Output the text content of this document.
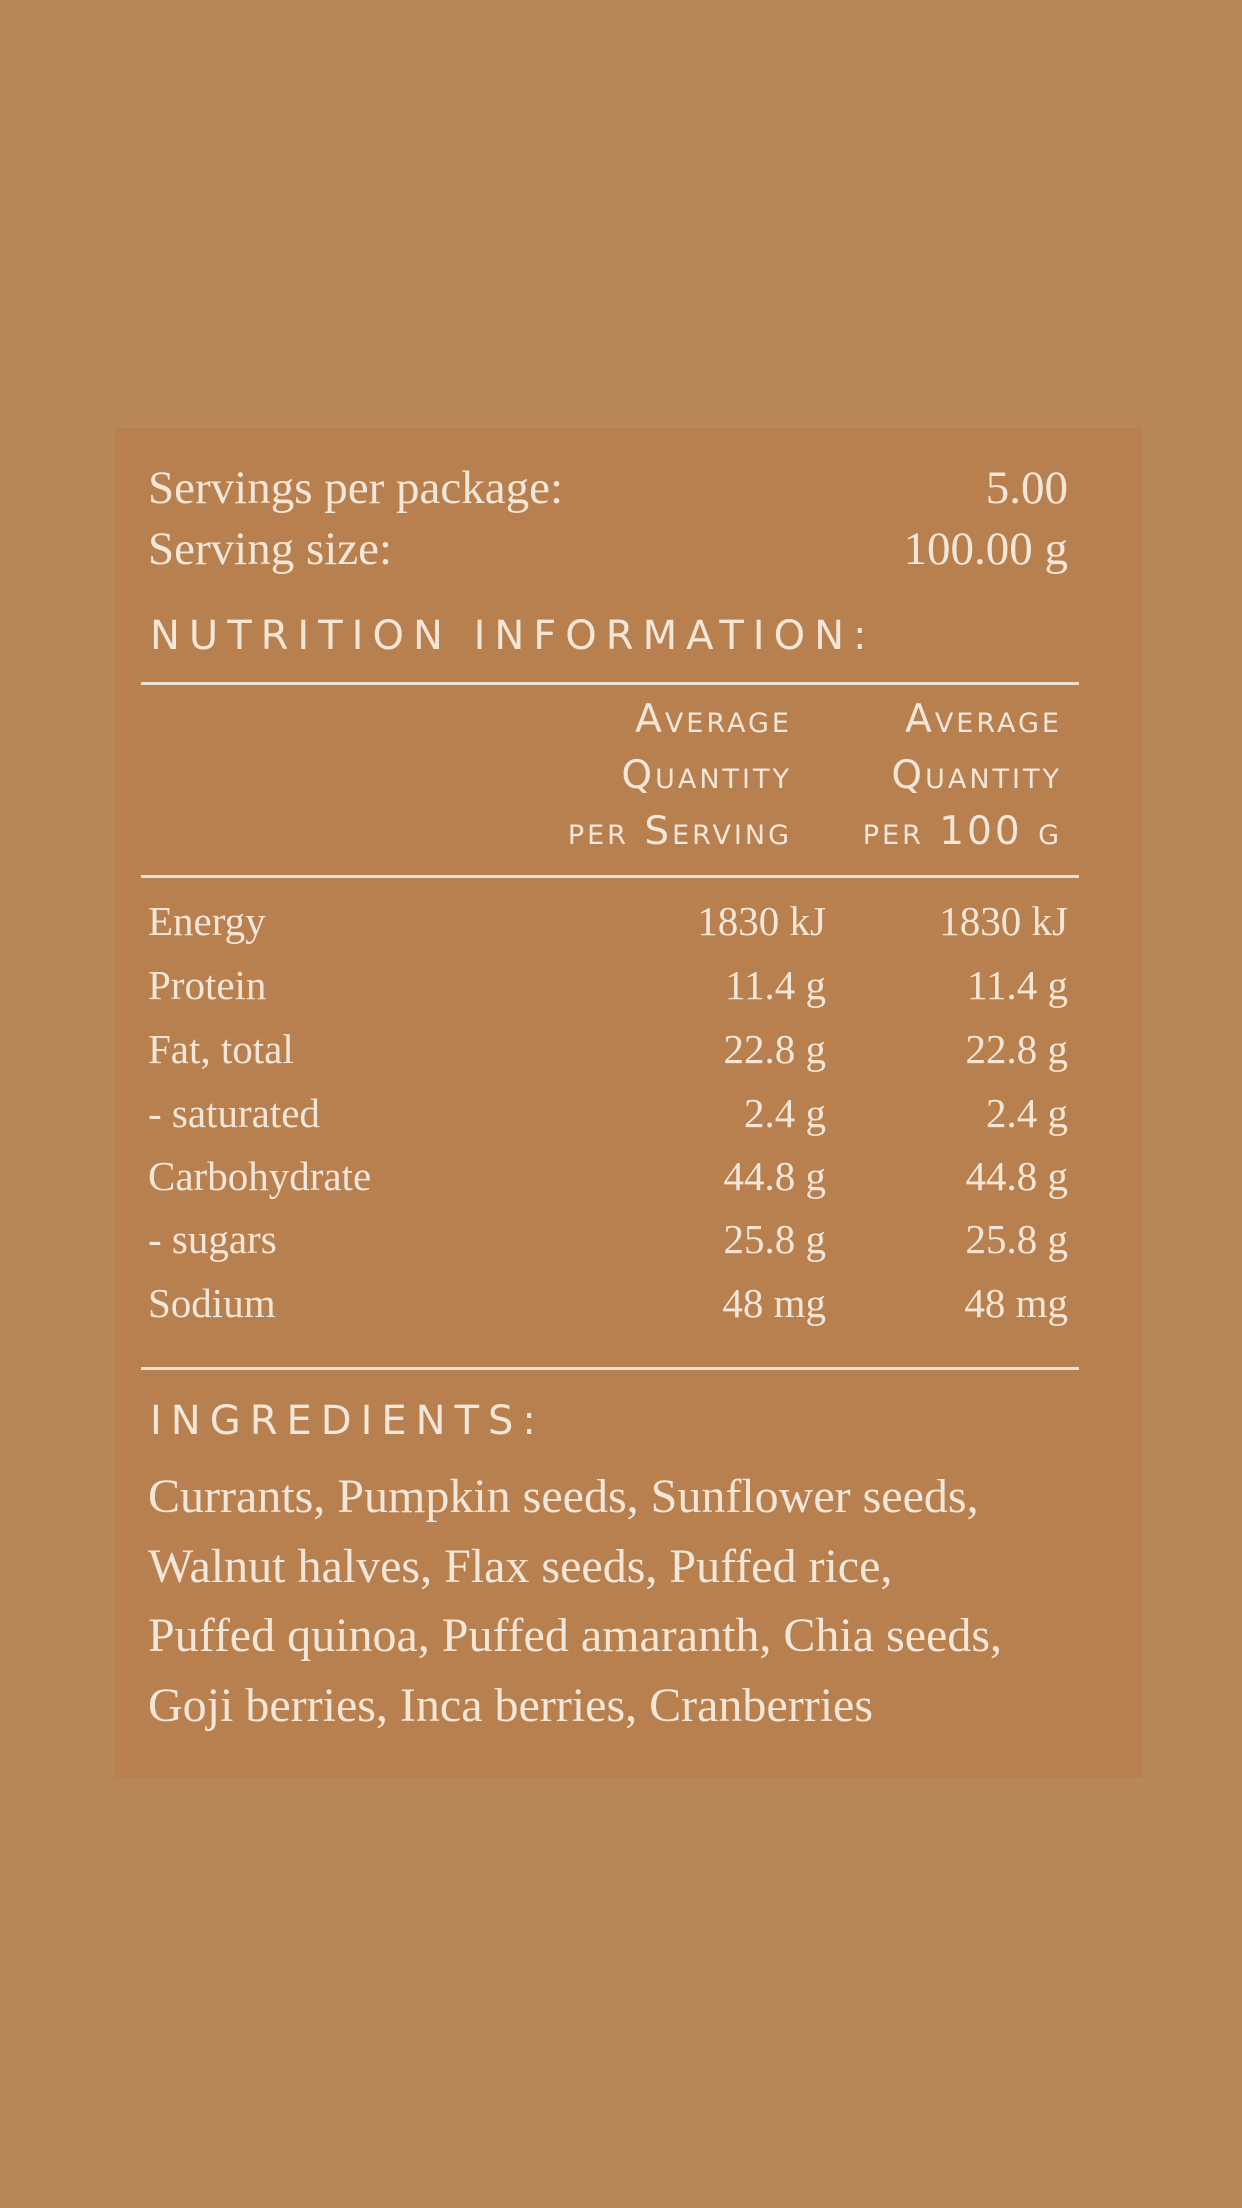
Servings per package:	5.00
Serving size:	100.00 g
NUTRITION INFORMATION:
Average
Quantity
per Serving
Average
Quantity
per 100 g
Energy	1830 kJ	1830 kJ
Protein	11.4 g	11.4 g
Fat, total	22.8 g	22.8 g
- saturated	2.4 g	2.4 g
Carbohydrate	44.8 g	44.8 g
- sugars	25.8 g	25.8 g
Sodium	48 mg	48 mg
INGREDIENTS:
Currants, Pumpkin seeds, Sunflower seeds,
Walnut halves, Flax seeds, Puffed rice,
Puffed quinoa, Puffed amaranth, Chia seeds,
Goji berries, Inca berries, Cranberries
